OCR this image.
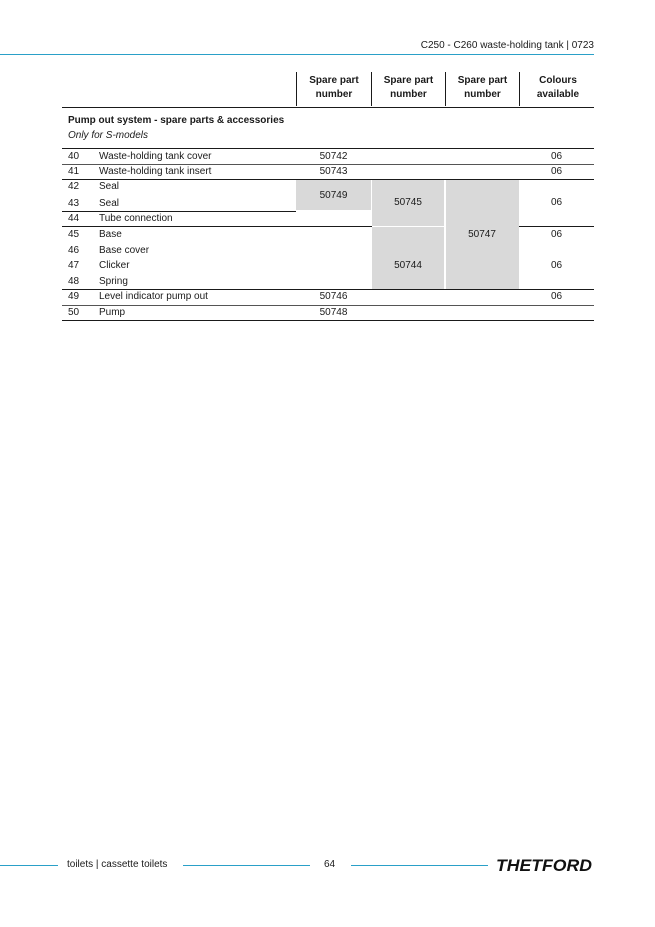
C250 - C260 waste-holding tank | 0723
Spare part
number
Spare part
number
Spare part
number
Colours
available
Pump out system - spare parts & accessories
Only for S-models
40 Waste-holding tank cover
41 Waste-holding tank insert
42 Seal
43 Seal
44 Tube connection
45 Base
46 Base cover
47 Clicker
48 Spring
49 Level indicator pump out
50 Pump
50742
50743
50749
50745
50747
50744
50746
50748
06
06
06
06
06
06
toilets | cassette toilets	64	THETFORD
